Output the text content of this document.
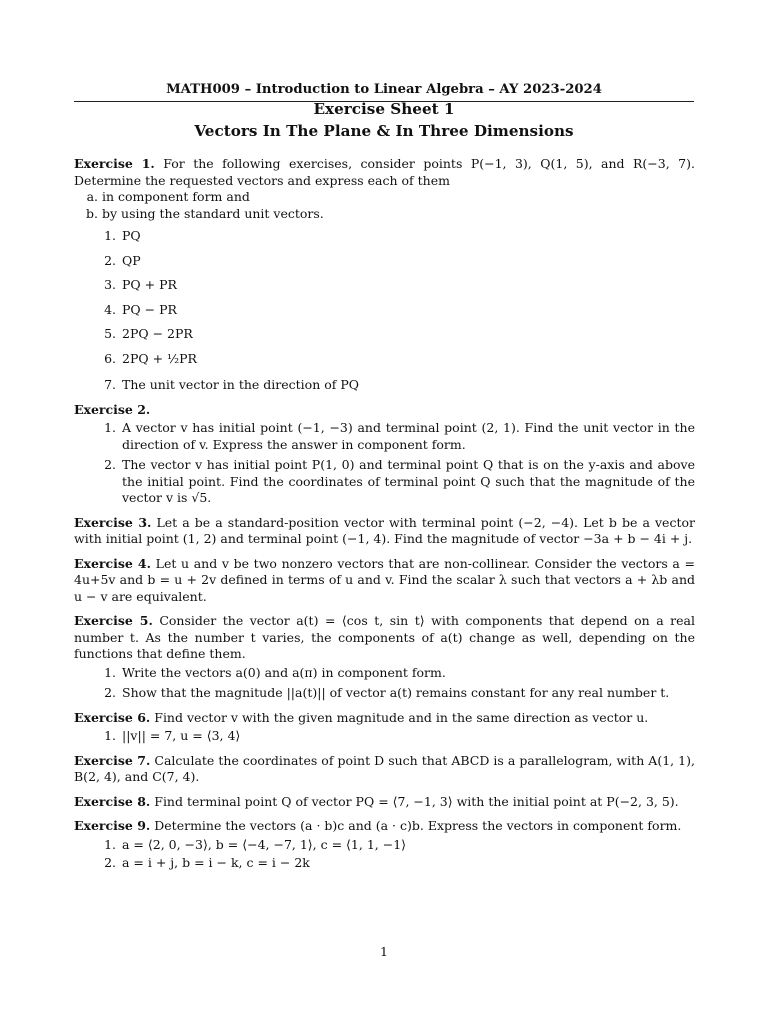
MATH009 – Introduction to Linear Algebra – AY 2023-2024
Exercise Sheet 1
Vectors In The Plane & In Three Dimensions

Exercise 1. For the following exercises, consider points P(−1, 3), Q(1, 5), and R(−3, 7). Determine the requested vectors and express each of them

a. in component form and
b. by using the standard unit vectors.
1. PQ
2. QP
3. PQ + PR
4. PQ − PR
5. 2PQ − 2PR
6. 2PQ + ½PR
7. The unit vector in the direction of PQ

Exercise 2.

1. A vector v has initial point (−1, −3) and terminal point (2, 1). Find the unit vector in the direction of v. Express the answer in component form.
2. The vector v has initial point P(1, 0) and terminal point Q that is on the y-axis and above the initial point. Find the coordinates of terminal point Q such that the magnitude of the vector v is √5.

Exercise 3. Let a be a standard-position vector with terminal point (−2, −4). Let b be a vector with initial point (1, 2) and terminal point (−1, 4). Find the magnitude of vector −3a + b − 4i + j.

Exercise 4. Let u and v be two nonzero vectors that are non-collinear. Consider the vectors a = 4u+5v and b = u + 2v defined in terms of u and v. Find the scalar λ such that vectors a + λb and u − v are equivalent.

Exercise 5. Consider the vector a(t) = ⟨cos t, sin t⟩ with components that depend on a real number t. As the number t varies, the components of a(t) change as well, depending on the functions that define them.

1. Write the vectors a(0) and a(π) in component form.
2. Show that the magnitude ||a(t)|| of vector a(t) remains constant for any real number t.

Exercise 6. Find vector v with the given magnitude and in the same direction as vector u.

1. ||v|| = 7, u = ⟨3, 4⟩

Exercise 7. Calculate the coordinates of point D such that ABCD is a parallelogram, with A(1, 1), B(2, 4), and C(7, 4).

Exercise 8. Find terminal point Q of vector PQ = ⟨7, −1, 3⟩ with the initial point at P(−2, 3, 5).

Exercise 9. Determine the vectors (a · b)c and (a · c)b. Express the vectors in component form.

1. a = ⟨2, 0, −3⟩, b = ⟨−4, −7, 1⟩, c = ⟨1, 1, −1⟩
2. a = i + j, b = i − k, c = i − 2k
1
